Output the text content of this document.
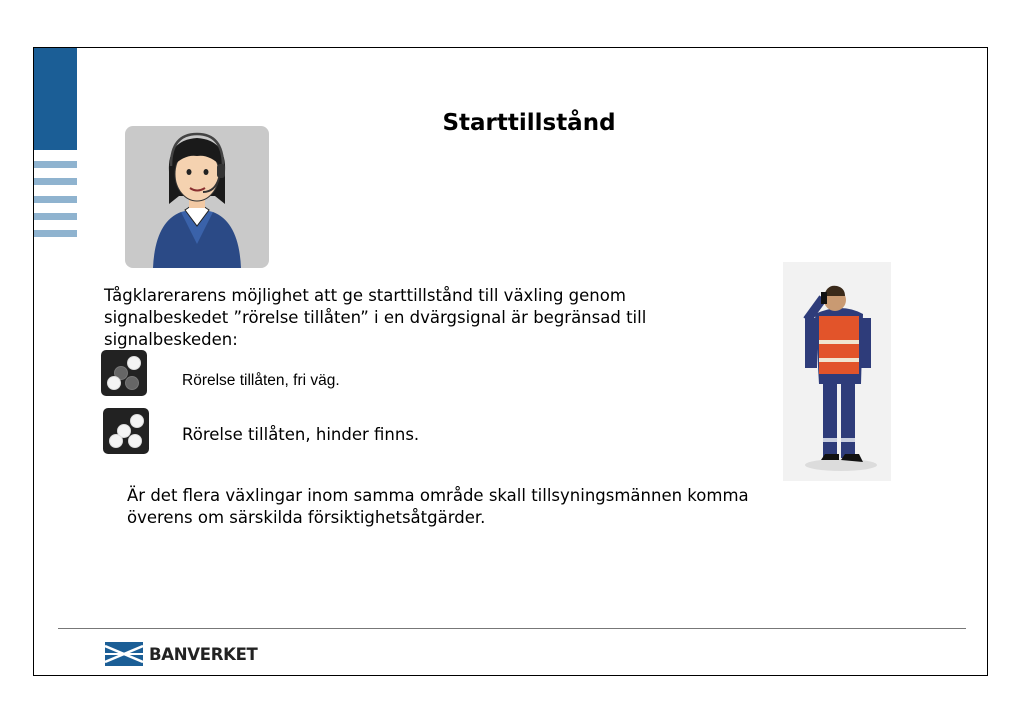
Starttillstånd
Tågklarerarens möjlighet att ge starttillstånd till växling genom signalbeskedet ”rörelse tillåten” i en dvärgsignal är begränsad till signalbeskeden:
Rörelse tillåten, fri väg.
Rörelse tillåten, hinder finns.
Är det flera växlingar inom samma område skall tillsyningsmännen komma överens om särskilda försiktighetsåtgärder.
BANVERKET
